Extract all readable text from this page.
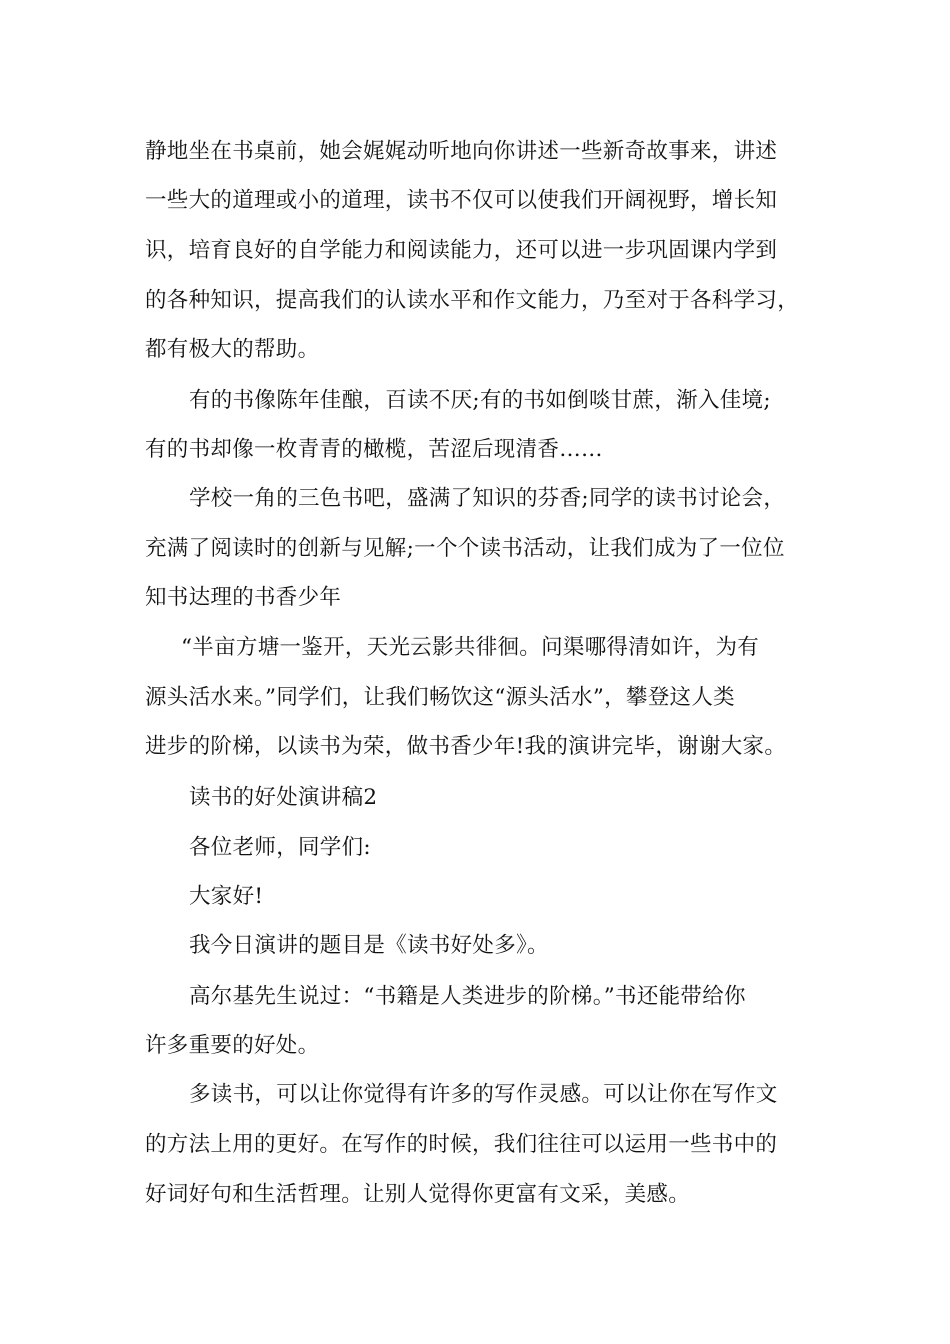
静地坐在书桌前，她会娓娓动听地向你讲述一些新奇故事来，讲述
一些大的道理或小的道理，读书不仅可以使我们开阔视野，增长知
识，培育良好的自学能力和阅读能力，还可以进一步巩固课内学到
的各种知识，提高我们的认读水平和作文能力，乃至对于各科学习，
都有极大的帮助。
有的书像陈年佳酿，百读不厌;有的书如倒啖甘蔗，渐入佳境;
有的书却像一枚青青的橄榄，苦涩后现清香……
学校一角的三色书吧，盛满了知识的芬香;同学的读书讨论会，
充满了阅读时的创新与见解;一个个读书活动，让我们成为了一位位
知书达理的书香少年
“半亩方塘一鉴开，天光云影共徘徊。问渠哪得清如许，为有
源头活水来。”同学们，让我们畅饮这“源头活水”，攀登这人类
进步的阶梯，以读书为荣，做书香少年!我的演讲完毕，谢谢大家。
读书的好处演讲稿2
各位老师，同学们:
大家好!
我今日演讲的题目是《读书好处多》。
高尔基先生说过：“书籍是人类进步的阶梯。”书还能带给你
许多重要的好处。
多读书，可以让你觉得有许多的写作灵感。可以让你在写作文
的方法上用的更好。在写作的时候，我们往往可以运用一些书中的
好词好句和生活哲理。让别人觉得你更富有文采，美感。
